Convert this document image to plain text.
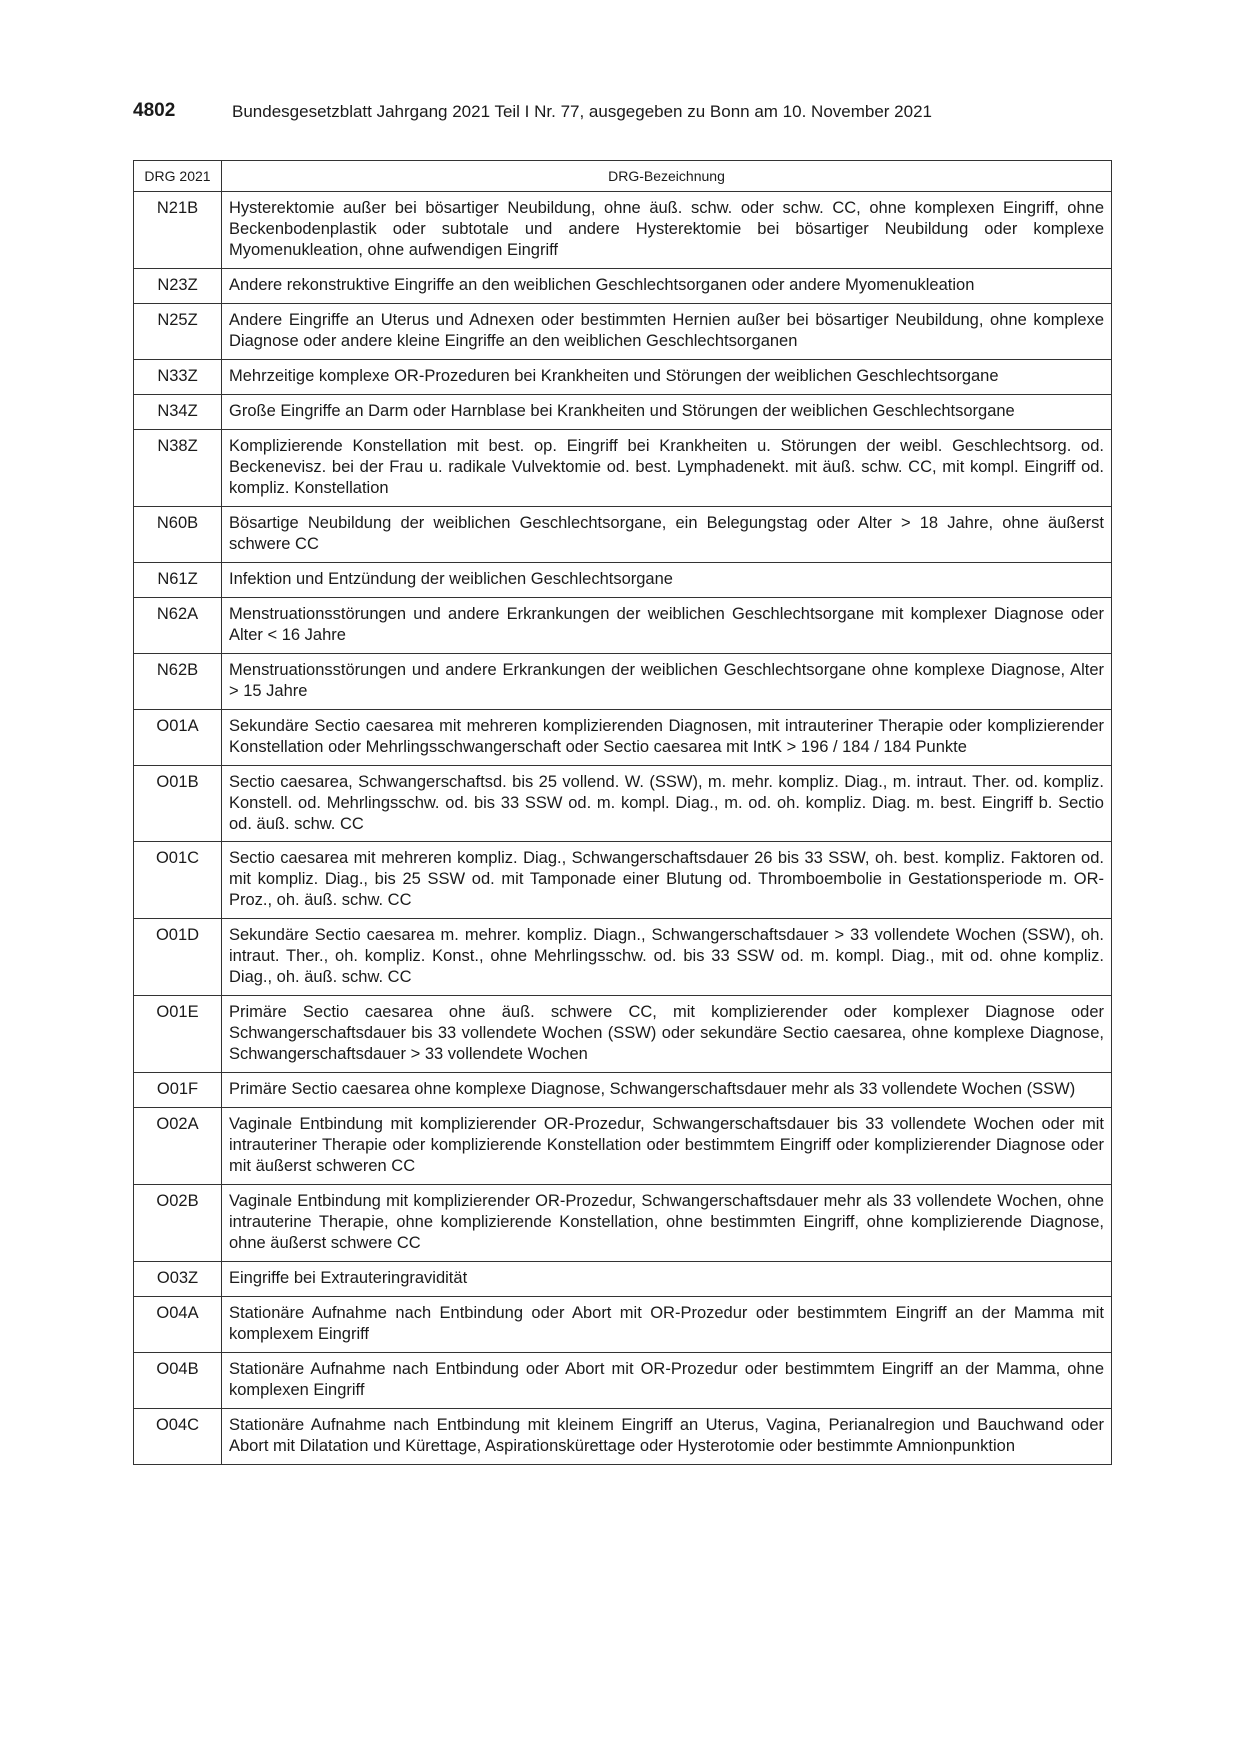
4802	Bundesgesetzblatt Jahrgang 2021 Teil I Nr. 77, ausgegeben zu Bonn am 10. November 2021
DRG 2021	DRG-Bezeichnung
N21B	Hysterektomie außer bei bösartiger Neubildung, ohne äuß. schw. oder schw. CC, ohne komplexen Eingriff, ohne Beckenbodenplastik oder subtotale und andere Hysterektomie bei bösartiger Neubildung oder komplexe Myomenukleation, ohne aufwendigen Eingriff
N23Z	Andere rekonstruktive Eingriffe an den weiblichen Geschlechtsorganen oder andere Myomenukleation
N25Z	Andere Eingriffe an Uterus und Adnexen oder bestimmten Hernien außer bei bösartiger Neubildung, ohne komplexe Diagnose oder andere kleine Eingriffe an den weiblichen Geschlechtsorganen
N33Z	Mehrzeitige komplexe OR-Prozeduren bei Krankheiten und Störungen der weiblichen Geschlechtsorgane
N34Z	Große Eingriffe an Darm oder Harnblase bei Krankheiten und Störungen der weiblichen Geschlechtsorgane
N38Z	Komplizierende Konstellation mit best. op. Eingriff bei Krankheiten u. Störungen der weibl. Geschlechtsorg. od. Beckenevisz. bei der Frau u. radikale Vulvektomie od. best. Lymphadenekt. mit äuß. schw. CC, mit kompl. Eingriff od. kompliz. Konstellation
N60B	Bösartige Neubildung der weiblichen Geschlechtsorgane, ein Belegungstag oder Alter > 18 Jahre, ohne äußerst schwere CC
N61Z	Infektion und Entzündung der weiblichen Geschlechtsorgane
N62A	Menstruationsstörungen und andere Erkrankungen der weiblichen Geschlechtsorgane mit komplexer Diagnose oder Alter < 16 Jahre
N62B	Menstruationsstörungen und andere Erkrankungen der weiblichen Geschlechtsorgane ohne komplexe Diagnose, Alter > 15 Jahre
O01A	Sekundäre Sectio caesarea mit mehreren komplizierenden Diagnosen, mit intrauteriner Therapie oder komplizierender Konstellation oder Mehrlingsschwangerschaft oder Sectio caesarea mit IntK > 196 / 184 / 184 Punkte
O01B	Sectio caesarea, Schwangerschaftsd. bis 25 vollend. W. (SSW), m. mehr. kompliz. Diag., m. intraut. Ther. od. kompliz. Konstell. od. Mehrlingsschw. od. bis 33 SSW od. m. kompl. Diag., m. od. oh. kompliz. Diag. m. best. Eingriff b. Sectio od. äuß. schw. CC
O01C	Sectio caesarea mit mehreren kompliz. Diag., Schwangerschaftsdauer 26 bis 33 SSW, oh. best. kompliz. Faktoren od. mit kompliz. Diag., bis 25 SSW od. mit Tamponade einer Blutung od. Thromboembolie in Gestationsperiode m. OR-Proz., oh. äuß. schw. CC
O01D	Sekundäre Sectio caesarea m. mehrer. kompliz. Diagn., Schwangerschaftsdauer > 33 vollendete Wochen (SSW), oh. intraut. Ther., oh. kompliz. Konst., ohne Mehrlingsschw. od. bis 33 SSW od. m. kompl. Diag., mit od. ohne kompliz. Diag., oh. äuß. schw. CC
O01E	Primäre Sectio caesarea ohne äuß. schwere CC, mit komplizierender oder komplexer Diagnose oder Schwangerschaftsdauer bis 33 vollendete Wochen (SSW) oder sekundäre Sectio caesarea, ohne komplexe Diagnose, Schwangerschaftsdauer > 33 vollendete Wochen
O01F	Primäre Sectio caesarea ohne komplexe Diagnose, Schwangerschaftsdauer mehr als 33 vollendete Wochen (SSW)
O02A	Vaginale Entbindung mit komplizierender OR-Prozedur, Schwangerschaftsdauer bis 33 vollendete Wochen oder mit intrauteriner Therapie oder komplizierende Konstellation oder bestimmtem Eingriff oder komplizierender Diagnose oder mit äußerst schweren CC
O02B	Vaginale Entbindung mit komplizierender OR-Prozedur, Schwangerschaftsdauer mehr als 33 vollendete Wochen, ohne intrauterine Therapie, ohne komplizierende Konstellation, ohne bestimmten Eingriff, ohne komplizierende Diagnose, ohne äußerst schwere CC
O03Z	Eingriffe bei Extrauteringravidität
O04A	Stationäre Aufnahme nach Entbindung oder Abort mit OR-Prozedur oder bestimmtem Eingriff an der Mamma mit komplexem Eingriff
O04B	Stationäre Aufnahme nach Entbindung oder Abort mit OR-Prozedur oder bestimmtem Eingriff an der Mamma, ohne komplexen Eingriff
O04C	Stationäre Aufnahme nach Entbindung mit kleinem Eingriff an Uterus, Vagina, Perianalregion und Bauchwand oder Abort mit Dilatation und Kürettage, Aspirationskürettage oder Hysterotomie oder bestimmte Amnionpunktion
